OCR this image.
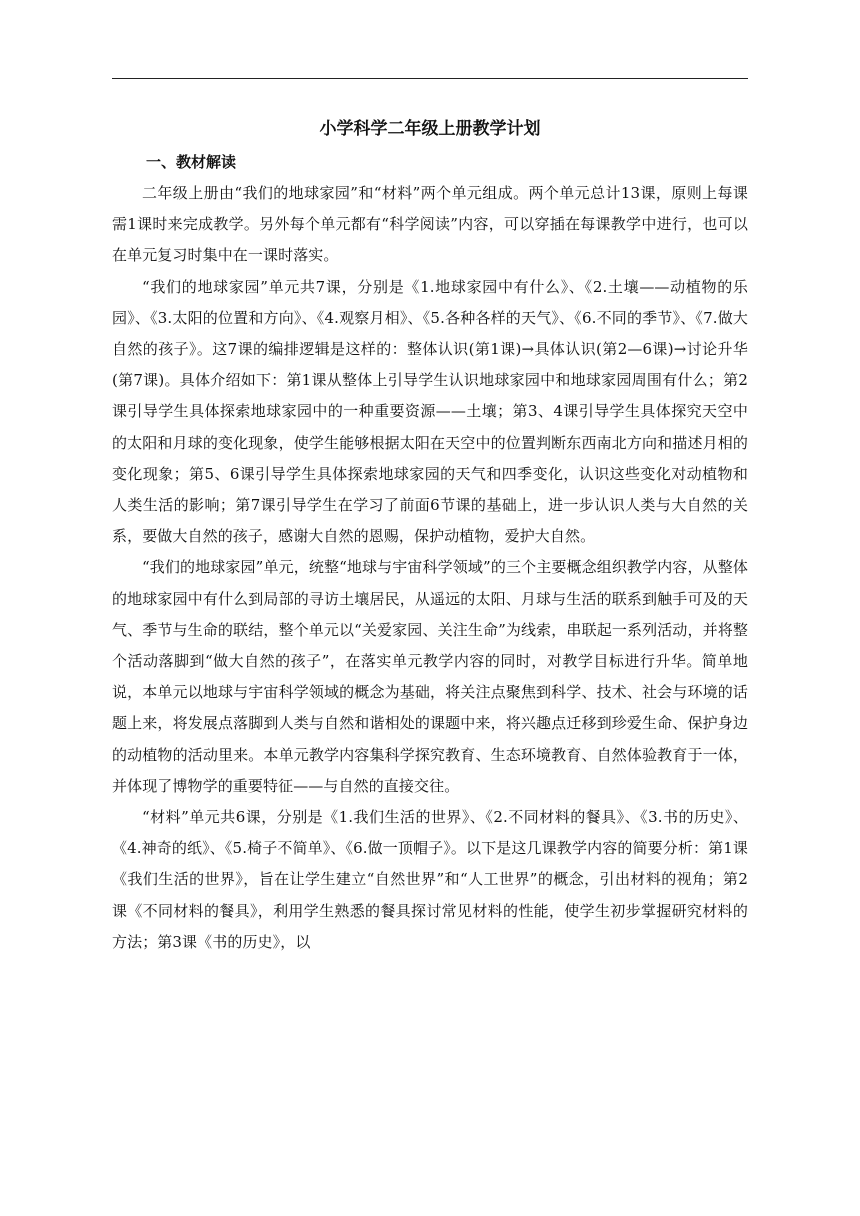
小学科学二年级上册教学计划
一、教材解读

二年级上册由“我们的地球家园”和“材料”两个单元组成。两个单元总计13课，原则上每课需1课时来完成教学。另外每个单元都有“科学阅读”内容，可以穿插在每课教学中进行，也可以在单元复习时集中在一课时落实。

“我们的地球家园”单元共7课，分别是《1.地球家园中有什么》、《2.土壤——动植物的乐园》、《3.太阳的位置和方向》、《4.观察月相》、《5.各种各样的天气》、《6.不同的季节》、《7.做大自然的孩子》。这7课的编排逻辑是这样的：整体认识(第1课)→具体认识(第2—6课)→讨论升华(第7课)。具体介绍如下：第1课从整体上引导学生认识地球家园中和地球家园周围有什么；第2课引导学生具体探索地球家园中的一种重要资源——土壤；第3、4课引导学生具体探究天空中的太阳和月球的变化现象，使学生能够根据太阳在天空中的位置判断东西南北方向和描述月相的变化现象；第5、6课引导学生具体探索地球家园的天气和四季变化，认识这些变化对动植物和人类生活的影响；第7课引导学生在学习了前面6节课的基础上，进一步认识人类与大自然的关系，要做大自然的孩子，感谢大自然的恩赐，保护动植物，爱护大自然。

“我们的地球家园”单元，统整“地球与宇宙科学领域”的三个主要概念组织教学内容，从整体的地球家园中有什么到局部的寻访土壤居民，从遥远的太阳、月球与生活的联系到触手可及的天气、季节与生命的联结，整个单元以“关爱家园、关注生命”为线索，串联起一系列活动，并将整个活动落脚到“做大自然的孩子”，在落实单元教学内容的同时，对教学目标进行升华。简单地说，本单元以地球与宇宙科学领域的概念为基础，将关注点聚焦到科学、技术、社会与环境的话题上来，将发展点落脚到人类与自然和谐相处的课题中来，将兴趣点迁移到珍爱生命、保护身边的动植物的活动里来。本单元教学内容集科学探究教育、生态环境教育、自然体验教育于一体，并体现了博物学的重要特征——与自然的直接交往。

“材料”单元共6课，分别是《1.我们生活的世界》、《2.不同材料的餐具》、《3.书的历史》、《4.神奇的纸》、《5.椅子不简单》、《6.做一顶帽子》。以下是这几课教学内容的简要分析：第1课《我们生活的世界》，旨在让学生建立“自然世界”和“人工世界”的概念，引出材料的视角；第2课《不同材料的餐具》，利用学生熟悉的餐具探讨常见材料的性能，使学生初步掌握研究材料的方法；第3课《书的历史》，以
